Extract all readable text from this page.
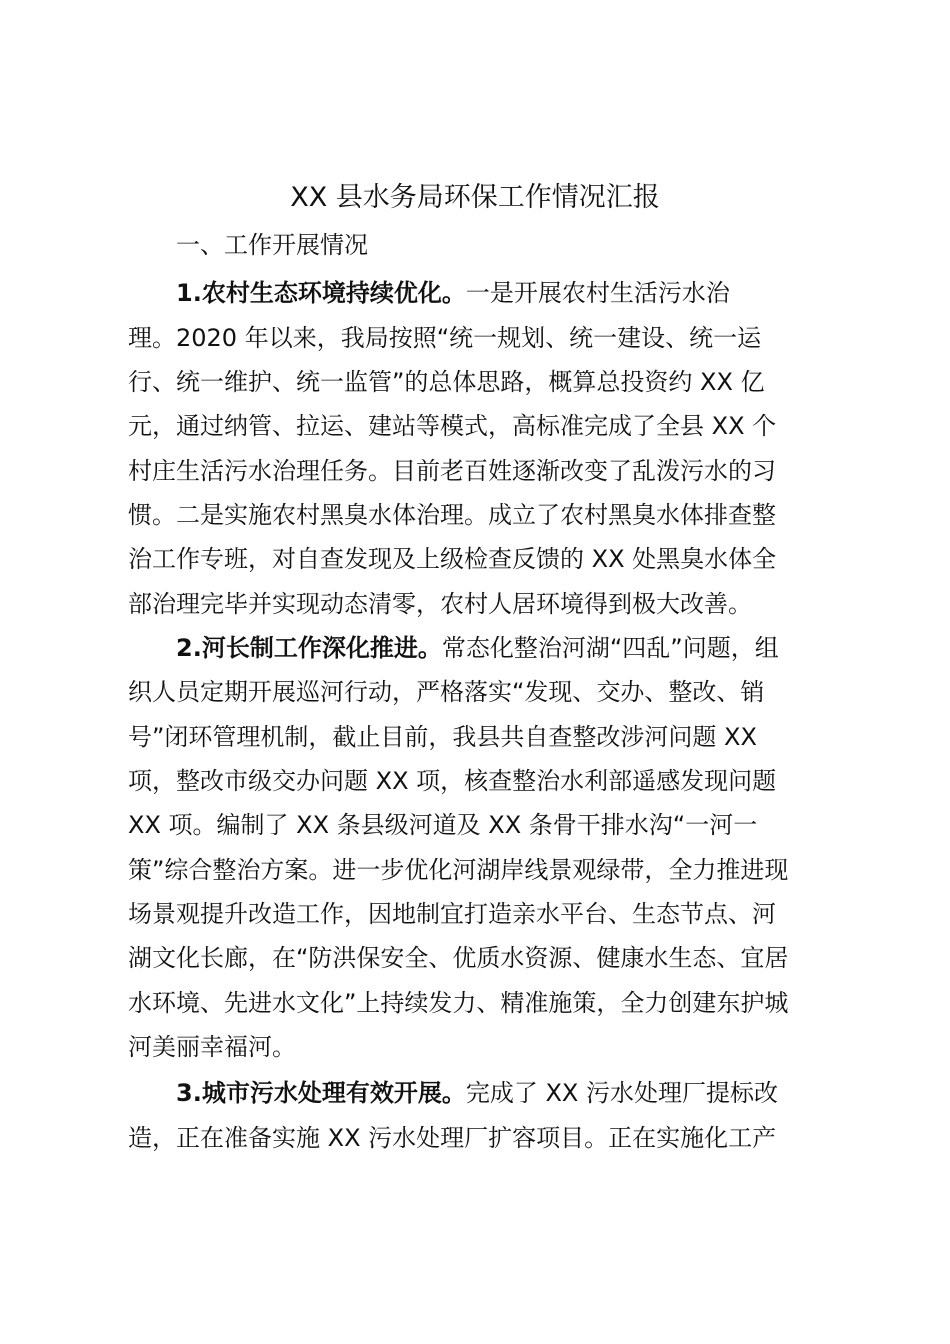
XX 县水务局环保工作情况汇报
一、工作开展情况
1.农村生态环境持续优化。一是开展农村生活污水治
理。2020 年以来，我局按照“统一规划、统一建设、统一运
行、统一维护、统一监管”的总体思路，概算总投资约 XX 亿
元，通过纳管、拉运、建站等模式，高标准完成了全县 XX 个
村庄生活污水治理任务。目前老百姓逐渐改变了乱泼污水的习
惯。二是实施农村黑臭水体治理。成立了农村黑臭水体排查整
治工作专班，对自查发现及上级检查反馈的 XX 处黑臭水体全
部治理完毕并实现动态清零，农村人居环境得到极大改善。
2.河长制工作深化推进。常态化整治河湖“四乱”问题，组
织人员定期开展巡河行动，严格落实“发现、交办、整改、销
号”闭环管理机制，截止目前，我县共自查整改涉河问题 XX
项，整改市级交办问题 XX 项，核查整治水利部遥感发现问题
XX 项。编制了 XX 条县级河道及 XX 条骨干排水沟“一河一
策”综合整治方案。进一步优化河湖岸线景观绿带，全力推进现
场景观提升改造工作，因地制宜打造亲水平台、生态节点、河
湖文化长廊，在“防洪保安全、优质水资源、健康水生态、宜居
水环境、先进水文化”上持续发力、精准施策，全力创建东护城
河美丽幸福河。
3.城市污水处理有效开展。完成了 XX 污水处理厂提标改
造，正在准备实施 XX 污水处理厂扩容项目。正在实施化工产
